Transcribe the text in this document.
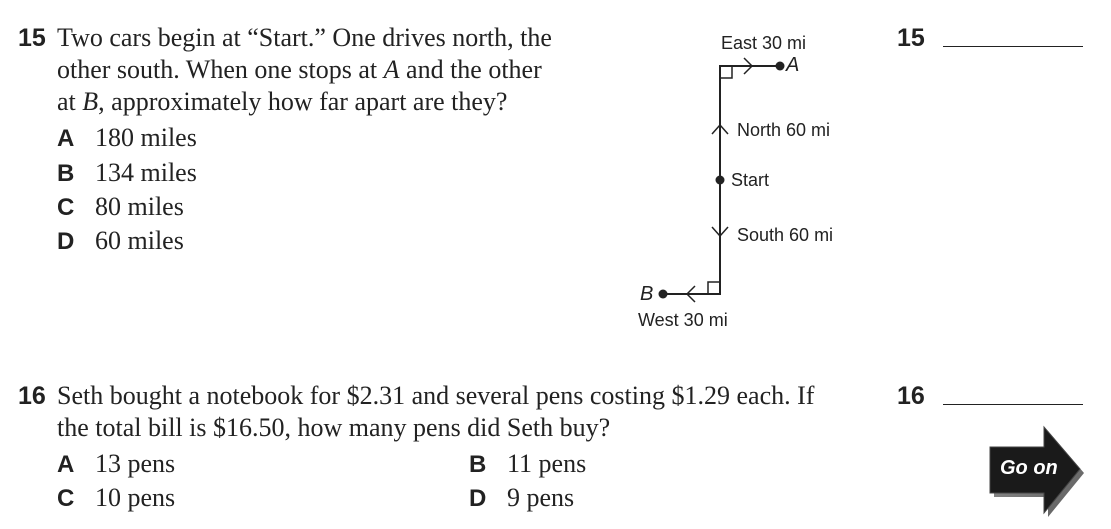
15 Two cars begin at “Start.” One drives north, the
other south. When one stops at A and the other
at B, approximately how far apart are they?
A 180 miles
B 134 miles
C 80 miles
D 60 miles
East 30 mi
A
North 60 mi
Start
South 60 mi
B
West 30 mi
15
16
16 Seth bought a notebook for $2.31 and several pens costing $1.29 each. If
the total bill is $16.50, how many pens did Seth buy?
A 13 pens	B 11 pens
C 10 pens	D 9 pens
Go on
